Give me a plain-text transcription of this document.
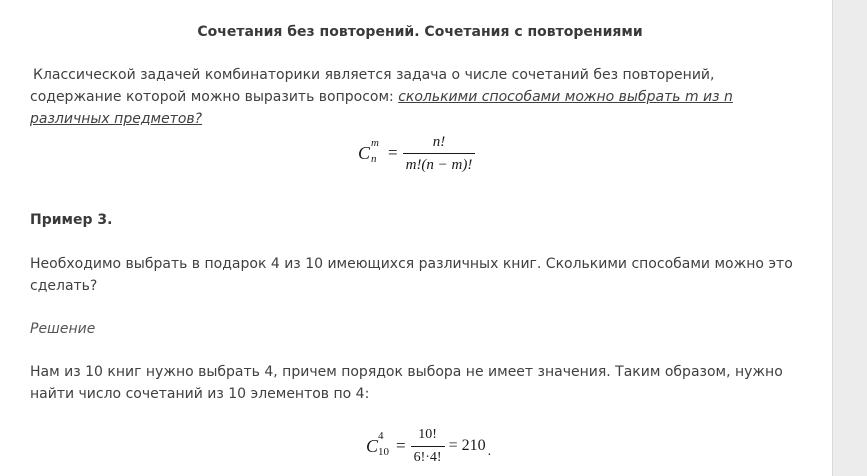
Сочетания без повторений. Сочетания с повторениями
Классической задачей комбинаторики является задача о числе сочетаний без повторений, содержание которой можно выразить вопросом: сколькими способами можно выбрать m из n различных предметов?
C m
$n = \frac{n!}{m!(n - m)!}$
Пример 3.
Необходимо выбрать в подарок 4 из 10 имеющихся различных книг. Сколькими способами можно это сделать?
Решение
Нам из 10 книг нужно выбрать 4, причем порядок выбора не имеет значения. Таким образом, нужно найти число сочетаний из 10 элементов по 4:
C 4
$10 = \frac{10!}{6!\cdot 4!} = 210$ .
